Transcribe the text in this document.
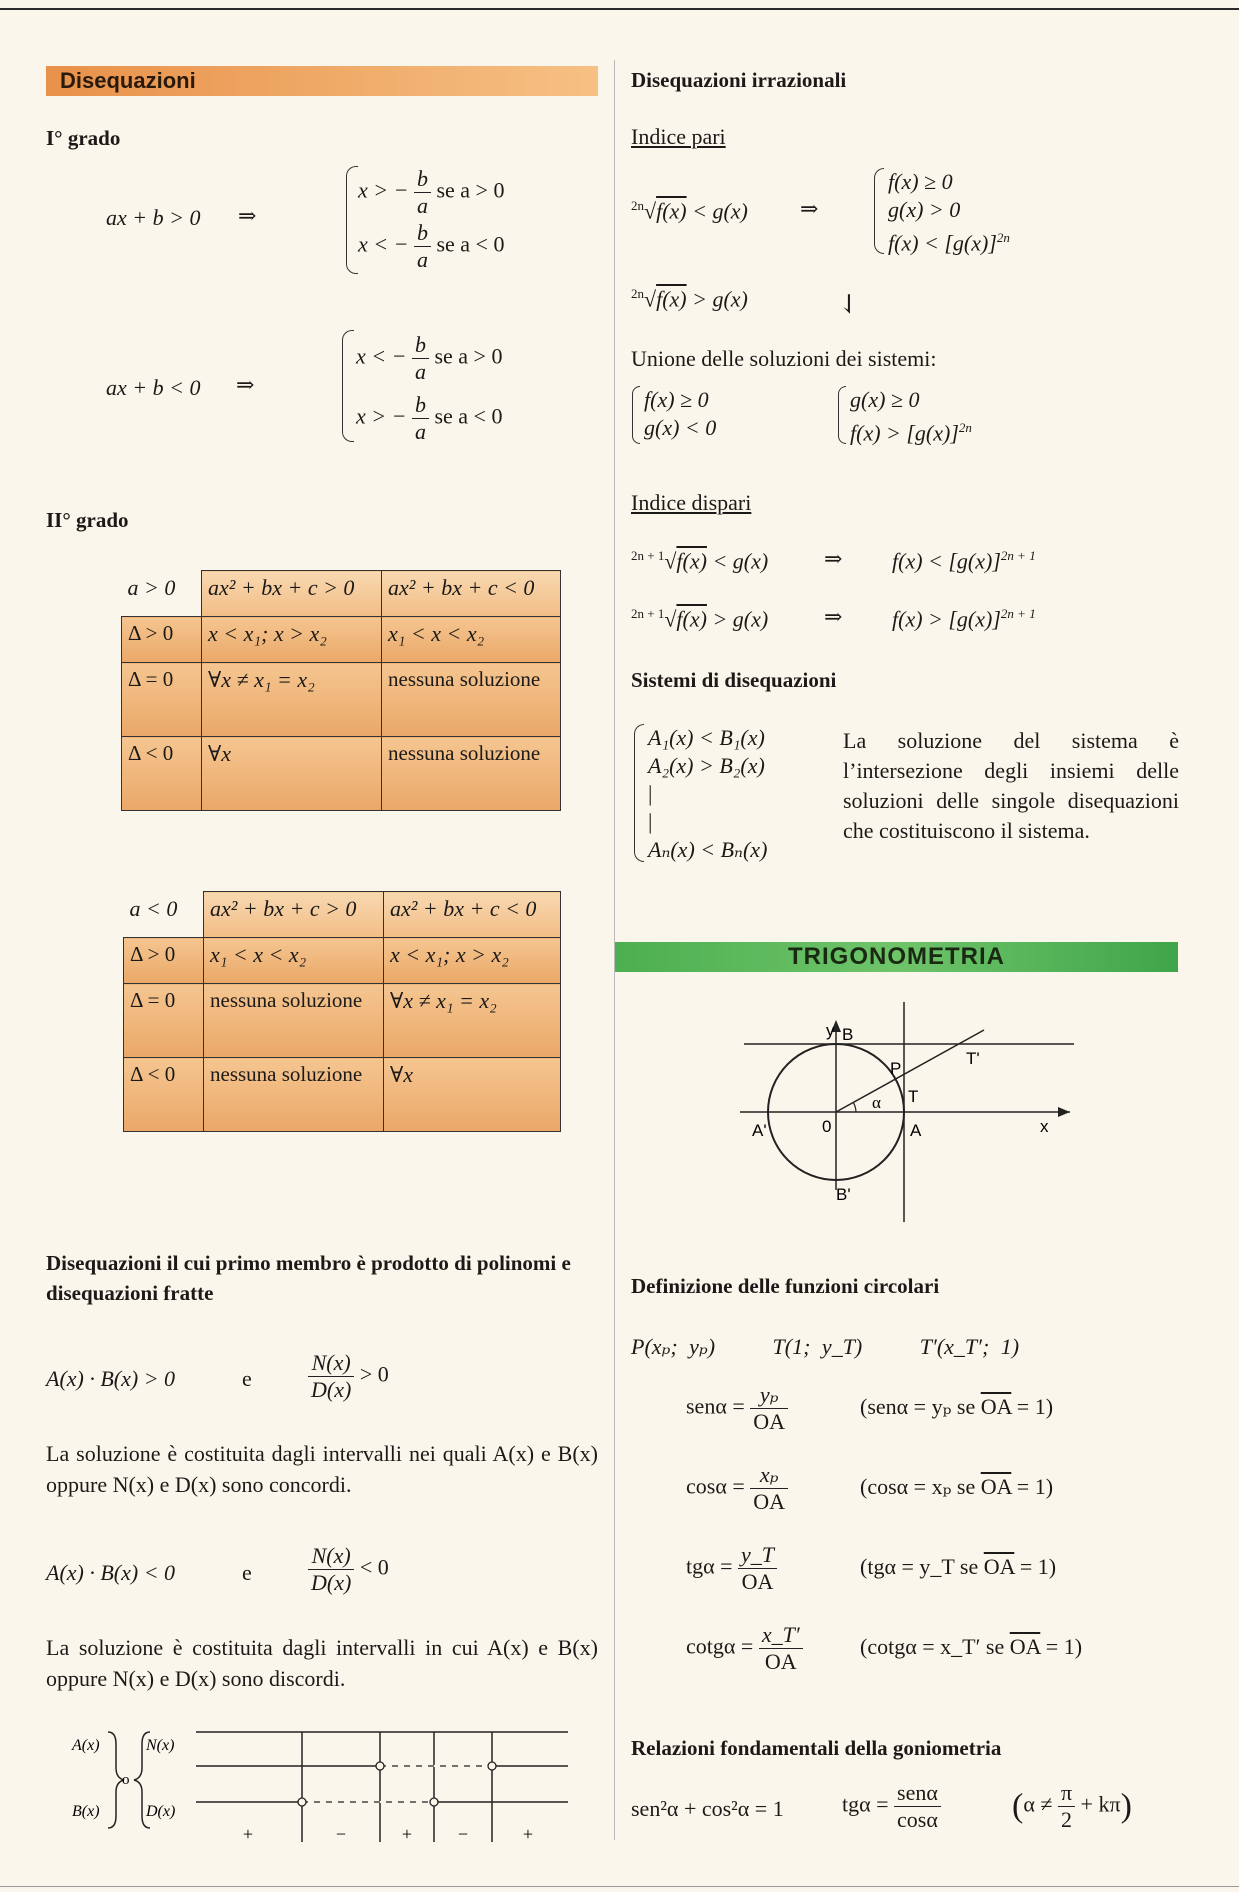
Disequazioni
I° grado
ax + b > 0 ⇒
x > − $\frac{b}{a}$ se a > 0
x < − $\frac{b}{a}$ se a < 0
ax + b < 0 ⇒
x < − $\frac{b}{a}$ se a > 0
x > − $\frac{b}{a}$ se a < 0
II° grado
a > 0	ax² + bx + c > 0	ax² + bx + c < 0
Δ > 0	x < x₁; x > x₂	x₁ < x < x₂
Δ = 0	∀x ≠ x₁ = x₂	nessuna soluzione
Δ < 0	∀x	nessuna soluzione
a < 0	ax² + bx + c > 0	ax² + bx + c < 0
Δ > 0	x₁ < x < x₂	x < x₁; x > x₂
Δ = 0	nessuna soluzione	∀x ≠ x₁ = x₂
Δ < 0	nessuna soluzione	∀x
Disequazioni il cui primo membro è prodotto di polinomi e disequazioni fratte
A(x) · B(x) > 0	e	$\frac{N(x)}{D(x)} > 0$
La soluzione è costituita dagli intervalli nei quali A(x) e B(x) oppure N(x) e D(x) sono concordi.
A(x) · B(x) < 0	e	$\frac{N(x)}{D(x)} < 0$
La soluzione è costituita dagli intervalli in cui A(x) e B(x) oppure N(x) e D(x) sono discordi.
A(x)
B(x)
o
N(x)
D(x)
+	−	+	−	+
Disequazioni irrazionali
Indice pari
$^{2n}$√f(x) < g(x) ⇒
f(x) ≥ 0
g(x) > 0
$f(x) < [g(x)]^{2n}$
$^{2n}$√f(x) > g(x)	⇃
Unione delle soluzioni dei sistemi:
f(x) ≥ 0
g(x) < 0
g(x) ≥ 0
$f(x) > [g(x)]^{2n}$
Indice dispari
$^{2n + 1}$√f(x) < g(x)	⇒ $f(x) < [g(x)]^{2n + 1}$
$^{2n + 1}$√f(x) > g(x)	⇒ $f(x) > [g(x)]^{2n + 1}$
Sistemi di disequazioni
A₁(x) < B₁(x)
A₂(x) > B₂(x)
|
|
Aₙ(x) < Bₙ(x)
La soluzione del sistema è l’intersezione degli insiemi delle soluzioni delle singole disequazioni che costituiscono il sistema.
TRIGONOMETRIA
y B
P
T'
T
α
A'	0	A	x
B'
Definizione delle funzioni circolari
P(xₚ; yₚ)	T(1; y_T)	T′(x_T′; 1)
$sen\alpha = \frac{\text{yₚ}}{OA}$	(senα = yₚ se $\overline{OA} = 1$)
$\cos\alpha = \frac{\text{xₚ}}{OA}$	(cosα = xₚ se $\overline{OA} = 1$)
$tg\alpha = \frac{y\_T}{OA}$	(tgα = y_T se $\overline{OA} = 1$)
$\cot g\alpha = \frac{x\_T'}{OA}$	(cotgα = x_T′ se $\overline{OA} = 1$)
Relazioni fondamentali della goniometria
sen²α + cos²α = 1	$tg\alpha = \frac{\text{senα}}{\cos\alpha} (\alpha \ne \frac{\pi}{2} + k\pi)$
